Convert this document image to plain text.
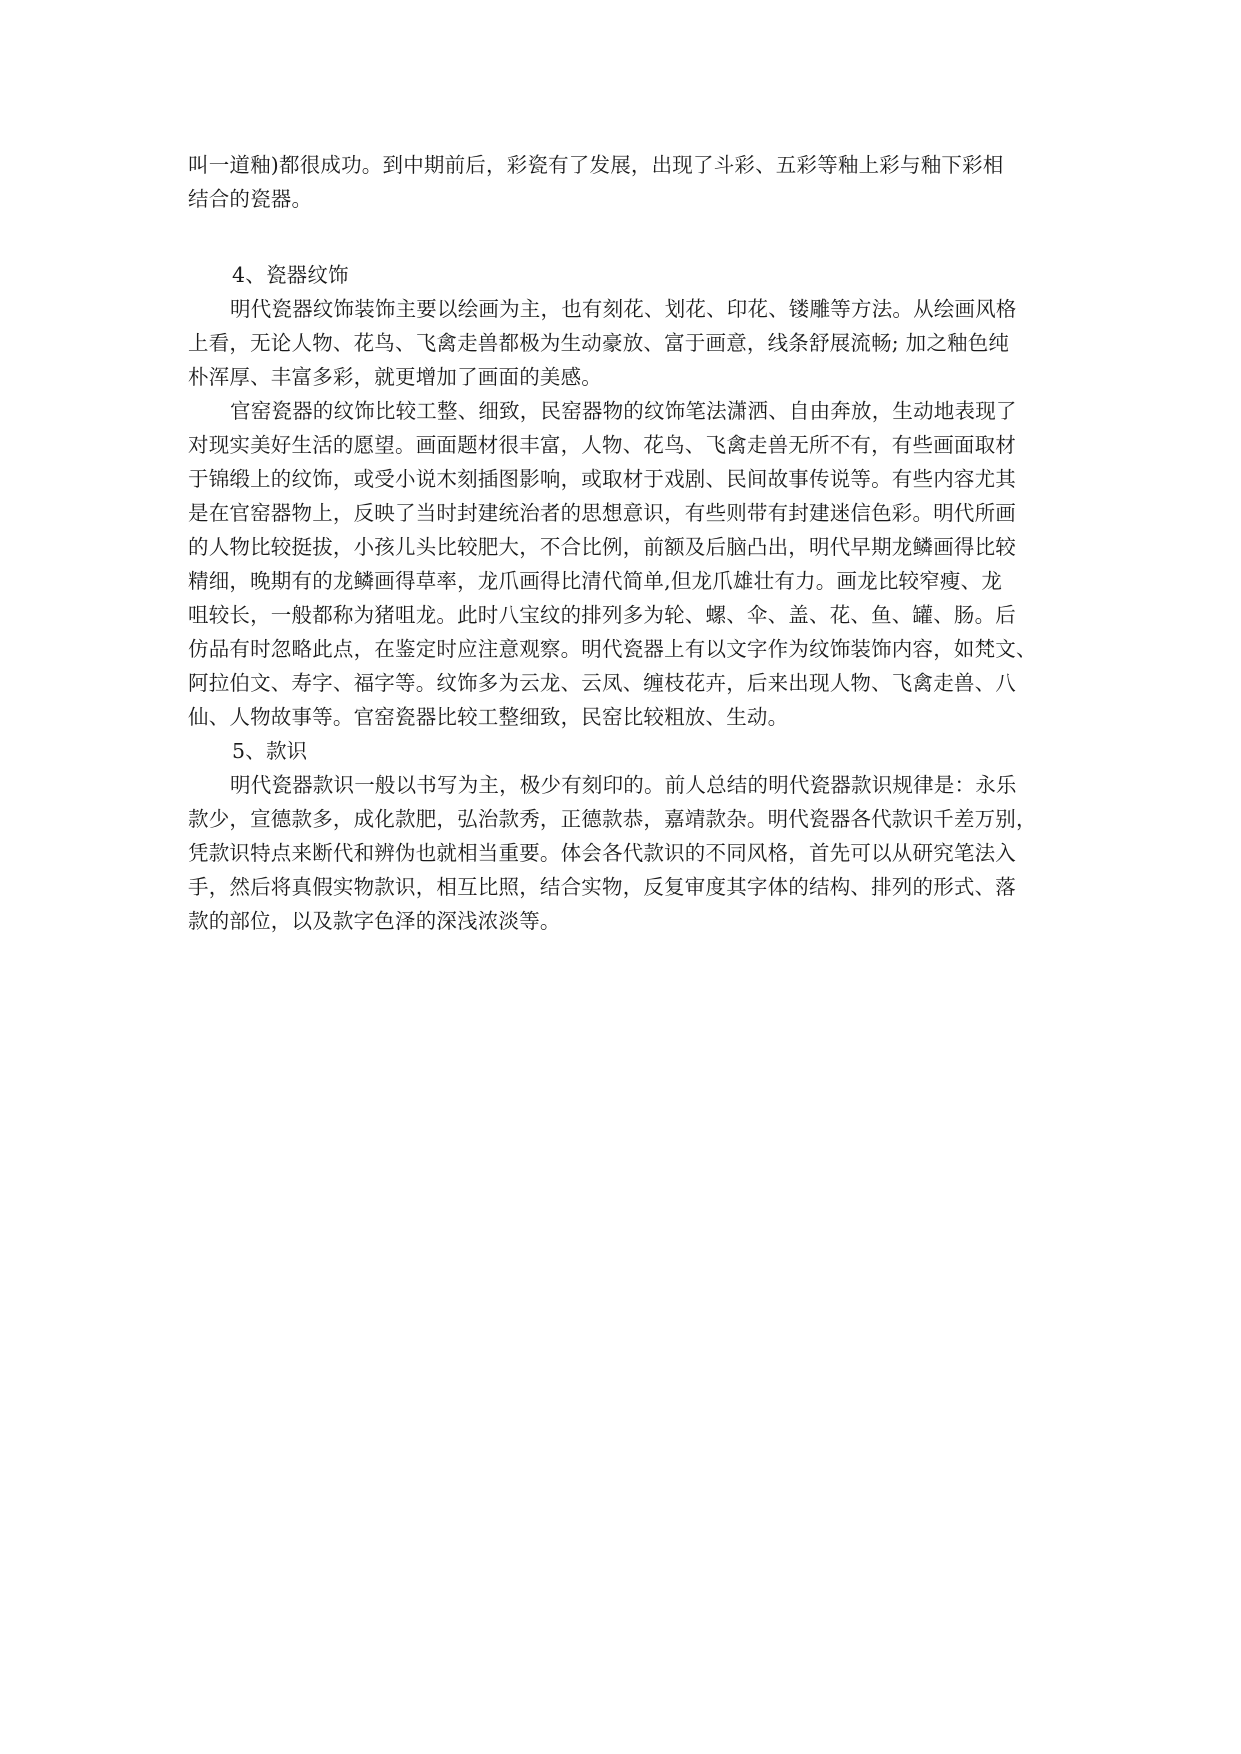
叫一道釉)都很成功。到中期前后，彩瓷有了发展，出现了斗彩、五彩等釉上彩与釉下彩相
结合的瓷器。
4、瓷器纹饰
明代瓷器纹饰装饰主要以绘画为主，也有刻花、划花、印花、镂雕等方法。从绘画风格
上看，无论人物、花鸟、飞禽走兽都极为生动豪放、富于画意，线条舒展流畅; 加之釉色纯
朴浑厚、丰富多彩，就更增加了画面的美感。
官窑瓷器的纹饰比较工整、细致，民窑器物的纹饰笔法潇洒、自由奔放，生动地表现了
对现实美好生活的愿望。画面题材很丰富，人物、花鸟、飞禽走兽无所不有，有些画面取材
于锦缎上的纹饰，或受小说木刻插图影响，或取材于戏剧、民间故事传说等。有些内容尤其
是在官窑器物上，反映了当时封建统治者的思想意识，有些则带有封建迷信色彩。明代所画
的人物比较挺拔，小孩儿头比较肥大，不合比例，前额及后脑凸出，明代早期龙鳞画得比较
精细，晚期有的龙鳞画得草率，龙爪画得比清代简单,但龙爪雄壮有力。画龙比较窄瘦、龙
咀较长，一般都称为猪咀龙。此时八宝纹的排列多为轮、螺、伞、盖、花、鱼、罐、肠。后
仿品有时忽略此点，在鉴定时应注意观察。明代瓷器上有以文字作为纹饰装饰内容，如梵文、
阿拉伯文、寿字、福字等。纹饰多为云龙、云凤、缠枝花卉，后来出现人物、飞禽走兽、八
仙、人物故事等。官窑瓷器比较工整细致，民窑比较粗放、生动。
5、款识
明代瓷器款识一般以书写为主，极少有刻印的。前人总结的明代瓷器款识规律是：永乐
款少，宣德款多，成化款肥，弘治款秀，正德款恭，嘉靖款杂。明代瓷器各代款识千差万别，
凭款识特点来断代和辨伪也就相当重要。体会各代款识的不同风格，首先可以从研究笔法入
手，然后将真假实物款识，相互比照，结合实物，反复审度其字体的结构、排列的形式、落
款的部位，以及款字色泽的深浅浓淡等。
